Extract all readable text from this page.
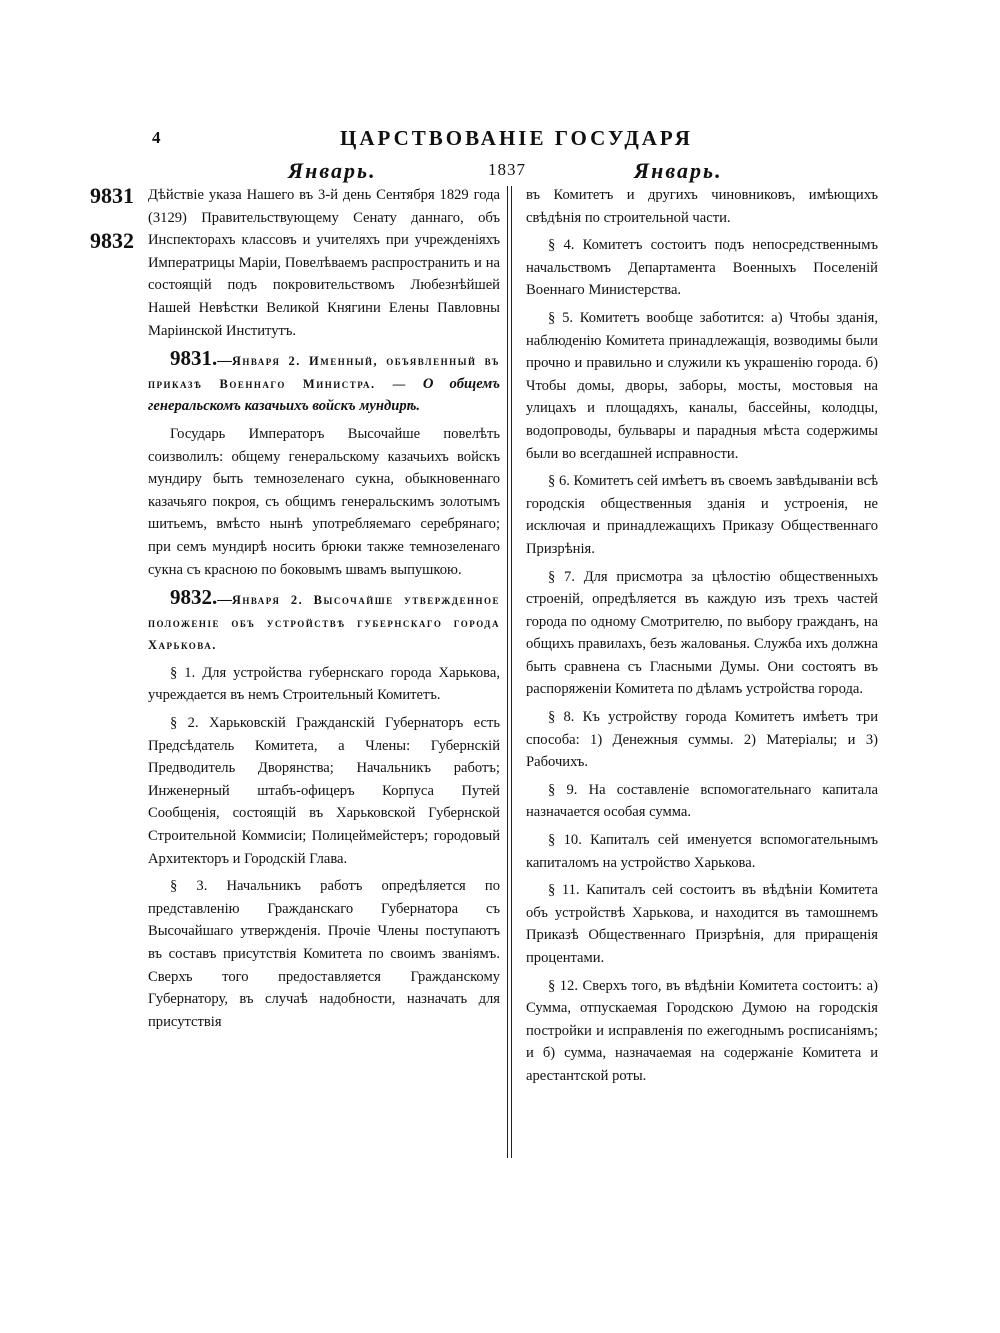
4	ЦАРСТВОВАНІЕ ГОСУДАРЯ
Январь.	1837	Январь.
9831
9832

Дѣйствіе указа Нашего въ 3-й день Сентября 1829 года (3129) Правительствующему Сенату даннаго, объ Инспекторахъ классовъ и учителяхъ при учрежденіяхъ Императрицы Маріи, Повелѣваемъ распространить и на состоящій подъ покровительствомъ Любезнѣйшей Нашей Невѣстки Великой Княгини Елены Павловны Маріинской Институтъ.

9831.—Января 2. Именный, объявленный въ приказѣ Военнаго Министра. — О общемъ генеральскомъ казачьихъ войскъ мундирѣ.

Государь Императоръ Высочайше повелѣть соизволилъ: общему генеральскому казачьихъ войскъ мундиру быть темнозеленаго сукна, обыкновеннаго казачьяго покроя, съ общимъ генеральскимъ золотымъ шитьемъ, вмѣсто нынѣ употребляемаго серебрянаго; при семъ мундирѣ носить брюки также темнозеленаго сукна съ красною по боковымъ швамъ выпушкою.

9832.—Января 2. Высочайше утвержденное положеніе объ устройствѣ губернскаго города Харькова.

§ 1. Для устройства губернскаго города Харькова, учреждается въ немъ Строительный Комитетъ.

§ 2. Харьковскій Гражданскій Губернаторъ есть Предсѣдатель Комитета, а Члены: Губернскій Предводитель Дворянства; Начальникъ работъ; Инженерный штабъ-офицеръ Корпуса Путей Сообщенія, состоящій въ Харьковской Губернской Строительной Коммисіи; Полицеймейстеръ; городовый Архитекторъ и Городскій Глава.

§ 3. Начальникъ работъ опредѣляется по представленію Гражданскаго Губернатора съ Высочайшаго утвержденія. Прочіе Члены поступаютъ въ составъ присутствія Комитета по своимъ званіямъ. Сверхъ того предоставляется Гражданскому Губернатору, въ случаѣ надобности, назначать для присутствія

въ Комитетъ и другихъ чиновниковъ, имѣющихъ свѣдѣнія по строительной части.

§ 4. Комитетъ состоитъ подъ непосредственнымъ начальствомъ Департамента Военныхъ Поселеній Военнаго Министерства.

§ 5. Комитетъ вообще заботится: а) Чтобы зданія, наблюденію Комитета принадлежащія, возводимы были прочно и правильно и служили къ украшенію города. б) Чтобы домы, дворы, заборы, мосты, мостовыя на улицахъ и площадяхъ, каналы, бассейны, колодцы, водопроводы, бульвары и парадныя мѣста содержимы были во всегдашней исправности.

§ 6. Комитетъ сей имѣетъ въ своемъ завѣдываніи всѣ городскія общественныя зданія и устроенія, не исключая и принадлежащихъ Приказу Общественнаго Призрѣнія.

§ 7. Для присмотра за цѣлостію общественныхъ строеній, опредѣляется въ каждую изъ трехъ частей города по одному Смотрителю, по выбору гражданъ, на общихъ правилахъ, безъ жалованья. Служба ихъ должна быть сравнена съ Гласными Думы. Они состоятъ въ распоряженіи Комитета по дѣламъ устройства города.

§ 8. Къ устройству города Комитетъ имѣетъ три способа: 1) Денежныя суммы. 2) Матеріалы; и 3) Рабочихъ.

§ 9. На составленіе вспомогательнаго капитала назначается особая сумма.

§ 10. Капиталъ сей именуется вспомогательнымъ капиталомъ на устройство Харькова.

§ 11. Капиталъ сей состоитъ въ вѣдѣніи Комитета объ устройствѣ Харькова, и находится въ тамошнемъ Приказѣ Общественнаго Призрѣнія, для приращенія процентами.

§ 12. Сверхъ того, въ вѣдѣніи Комитета состоитъ: а) Сумма, отпускаемая Городскою Думою на городскія постройки и исправленія по ежегоднымъ росписаніямъ; и б) сумма, назначаемая на содержаніе Комитета и арестантской роты.
